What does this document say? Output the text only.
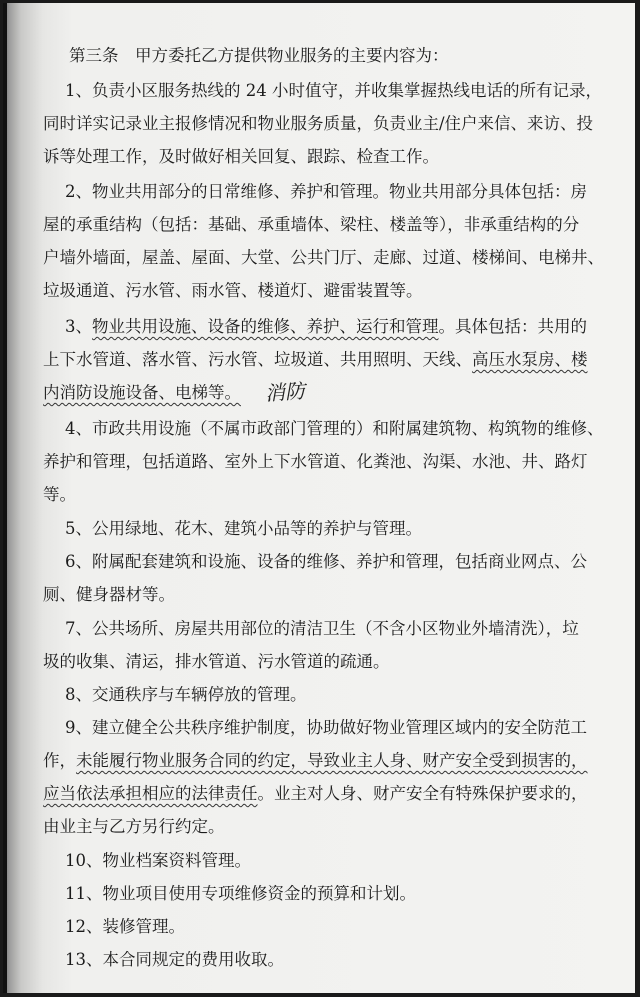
第三条　甲方委托乙方提供物业服务的主要内容为：
1、负责小区服务热线的 24 小时值守，并收集掌握热线电话的所有记录，
同时详实记录业主报修情况和物业服务质量，负责业主/住户来信、来访、投
诉等处理工作，及时做好相关回复、跟踪、检查工作。
2、物业共用部分的日常维修、养护和管理。物业共用部分具体包括：房
屋的承重结构（包括：基础、承重墙体、梁柱、楼盖等），非承重结构的分
户墙外墙面，屋盖、屋面、大堂、公共门厅、走廊、过道、楼梯间、电梯井、
垃圾通道、污水管、雨水管、楼道灯、避雷装置等。
3、物业共用设施、设备的维修、养护、运行和管理。具体包括：共用的
上下水管道、落水管、污水管、垃圾道、共用照明、天线、高压水泵房、楼
内消防设施设备、电梯等。
4、市政共用设施（不属市政部门管理的）和附属建筑物、构筑物的维修、
养护和管理，包括道路、室外上下水管道、化粪池、沟渠、水池、井、路灯
等。
5、公用绿地、花木、建筑小品等的养护与管理。
6、附属配套建筑和设施、设备的维修、养护和管理，包括商业网点、公
厕、健身器材等。
7、公共场所、房屋共用部位的清洁卫生（不含小区物业外墙清洗），垃
圾的收集、清运，排水管道、污水管道的疏通。
8、交通秩序与车辆停放的管理。
9、建立健全公共秩序维护制度，协助做好物业管理区域内的安全防范工
作，未能履行物业服务合同的约定，导致业主人身、财产安全受到损害的，
应当依法承担相应的法律责任。业主对人身、财产安全有特殊保护要求的，
由业主与乙方另行约定。
10、物业档案资料管理。
11、物业项目使用专项维修资金的预算和计划。
12、装修管理。
13、本合同规定的费用收取。
消防
